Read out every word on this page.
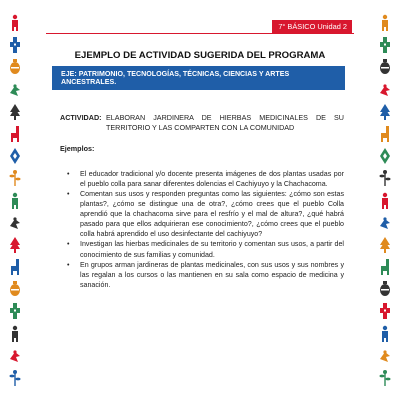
7° BÁSICO Unidad 2
EJEMPLO DE ACTIVIDAD SUGERIDA DEL PROGRAMA
EJE: PATRIMONIO, TECNOLOGÍAS, TÉCNICAS, CIENCIAS Y ARTES ANCESTRALES.
ACTIVIDAD: ELABORAN JARDINERA DE HIERBAS MEDICINALES DE SU TERRITORIO Y LAS COMPARTEN CON LA COMUNIDAD
Ejemplos:
• El educador tradicional y/o docente presenta imágenes de dos plantas usadas por el pueblo colla para sanar diferentes dolencias el Cachiyuyo y la Chachacoma.
• Comentan sus usos y responden preguntas como las siguientes: ¿cómo son estas plantas?, ¿cómo se distingue una de otra?, ¿cómo crees que el pueblo Colla aprendió que la chachacoma sirve para el resfrío y el mal de altura?, ¿qué habrá pasado para que ellos adquirieran ese conocimiento?, ¿cómo crees que el pueblo colla habrá aprendido el uso desinfectante del cachiyuyo?
• Investigan las hierbas medicinales de su territorio y comentan sus usos, a partir del conocimiento de sus familias y comunidad.
• En grupos arman jardineras de plantas medicinales, con sus usos y sus nombres y las regalan a los cursos o las mantienen en su sala como espacio de medicina y sanación.
